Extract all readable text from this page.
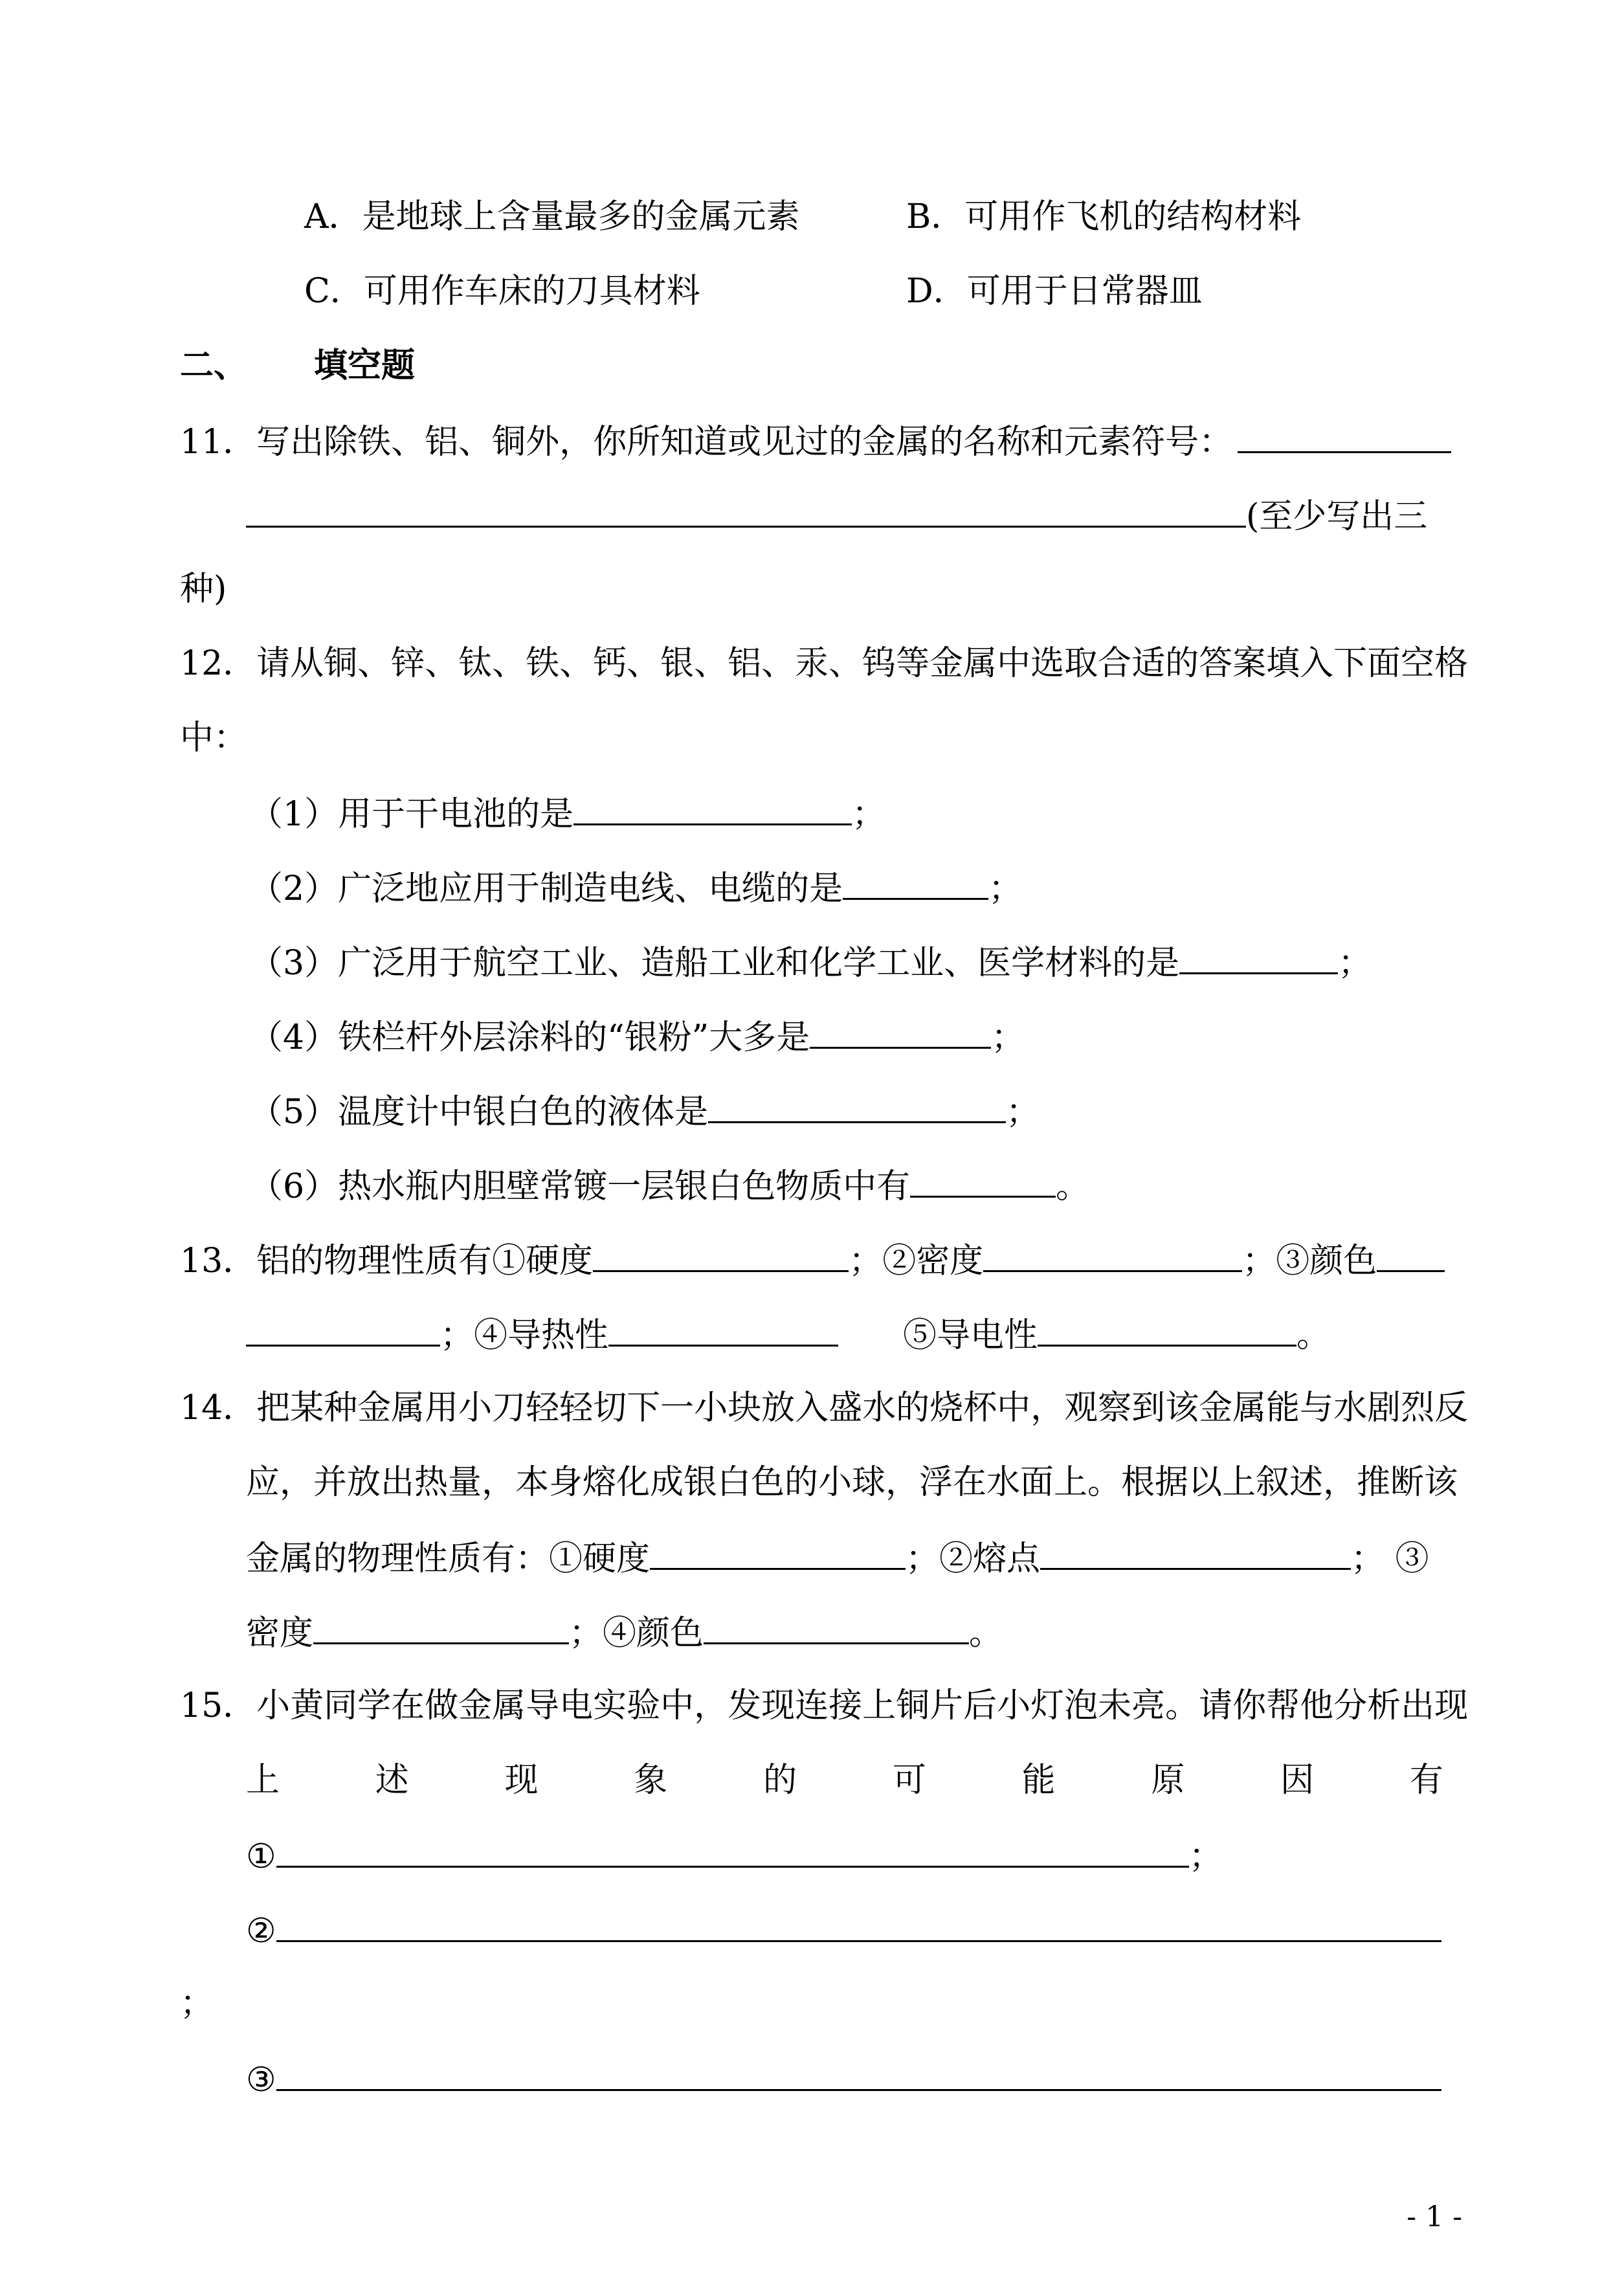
A．是地球上含量最多的金属元素	B．可用作飞机的结构材料
C．可用作车床的刀具材料	D．可用于日常器皿
二、 填空题
11．写出除铁、铝、铜外，你所知道或见过的金属的名称和元素符号：
(至少写出三
种)
12．请从铜、锌、钛、铁、钙、银、铝、汞、钨等金属中选取合适的答案填入下面空格
中：
（1）用于干电池的是	；
（2）广泛地应用于制造电线、电缆的是	；
（3）广泛用于航空工业、造船工业和化学工业、医学材料的是	；
（4）铁栏杆外层涂料的“银粉”大多是	；
（5）温度计中银白色的液体是	；
（6）热水瓶内胆壁常镀一层银白色物质中有	。
13．铝的物理性质有①硬度	；②密度	；③颜色
；④导热性	⑤导电性	。
14．把某种金属用小刀轻轻切下一小块放入盛水的烧杯中，观察到该金属能与水剧烈反
应，并放出热量，本身熔化成银白色的小球，浮在水面上。根据以上叙述，推断该
金属的物理性质有：①硬度	；②熔点	； ③
密度	；④颜色	。
15．小黄同学在做金属导电实验中，发现连接上铜片后小灯泡未亮。请你帮他分析出现
上	述	现	象	的	可	能	原	因	有
①	；
②
；
③
- 1 -
